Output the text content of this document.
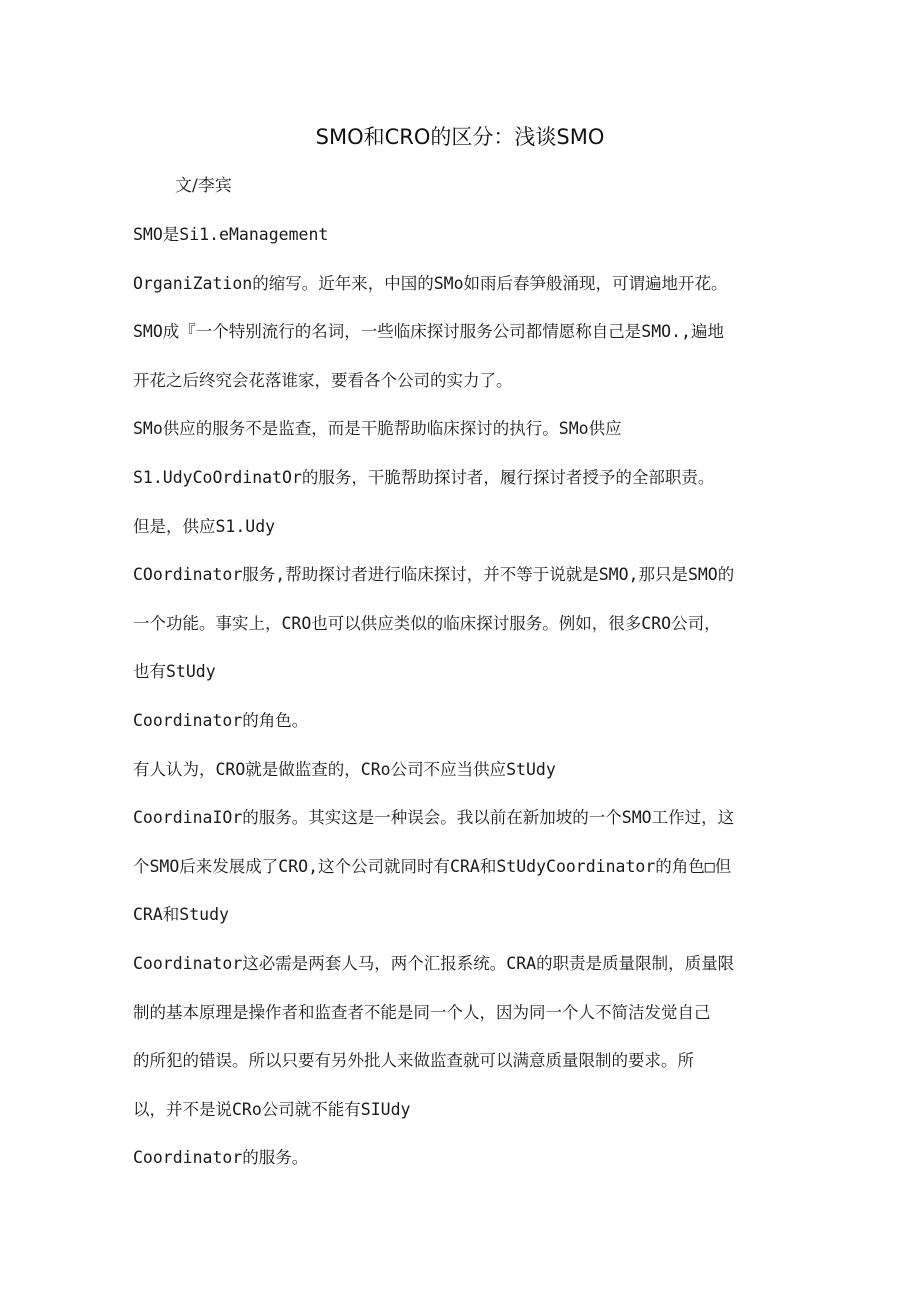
SMO和CRO的区分：浅谈SMO

文/李宾

SMO是Si1.eManagement
OrganiZation的缩写。近年来，中国的SMo如雨后春笋般涌现，可谓遍地开花。
SMO成『一个特别流行的名词，一些临床探讨服务公司都情愿称自己是SMO.,遍地
开花之后终究会花落谁家，要看各个公司的实力了。
SMo供应的服务不是监查，而是干脆帮助临床探讨的执行。SMo供应
S1.UdyCoOrdinatOr的服务，干脆帮助探讨者，履行探讨者授予的全部职责。
但是，供应S1.Udy
COordinator服务,帮助探讨者进行临床探讨，并不等于说就是SMO,那只是SMO的
一个功能。事实上，CRO也可以供应类似的临床探讨服务。例如，很多CRO公司，
也有StUdy
Coordinator的角色。
有人认为，CRO就是做监查的，CRo公司不应当供应StUdy
CoordinaIOr的服务。其实这是一种误会。我以前在新加坡的一个SMO工作过，这
个SMO后来发展成了CRO,这个公司就同时有CRA和StUdyCoordinator的角色□但
CRA和Study
Coordinator这必需是两套人马，两个汇报系统。CRA的职责是质量限制，质量限
制的基本原理是操作者和监查者不能是同一个人，因为同一个人不简洁发觉自己
的所犯的错误。所以只要有另外批人来做监查就可以满意质量限制的要求。所
以，并不是说CRo公司就不能有SIUdy
Coordinator的服务。
